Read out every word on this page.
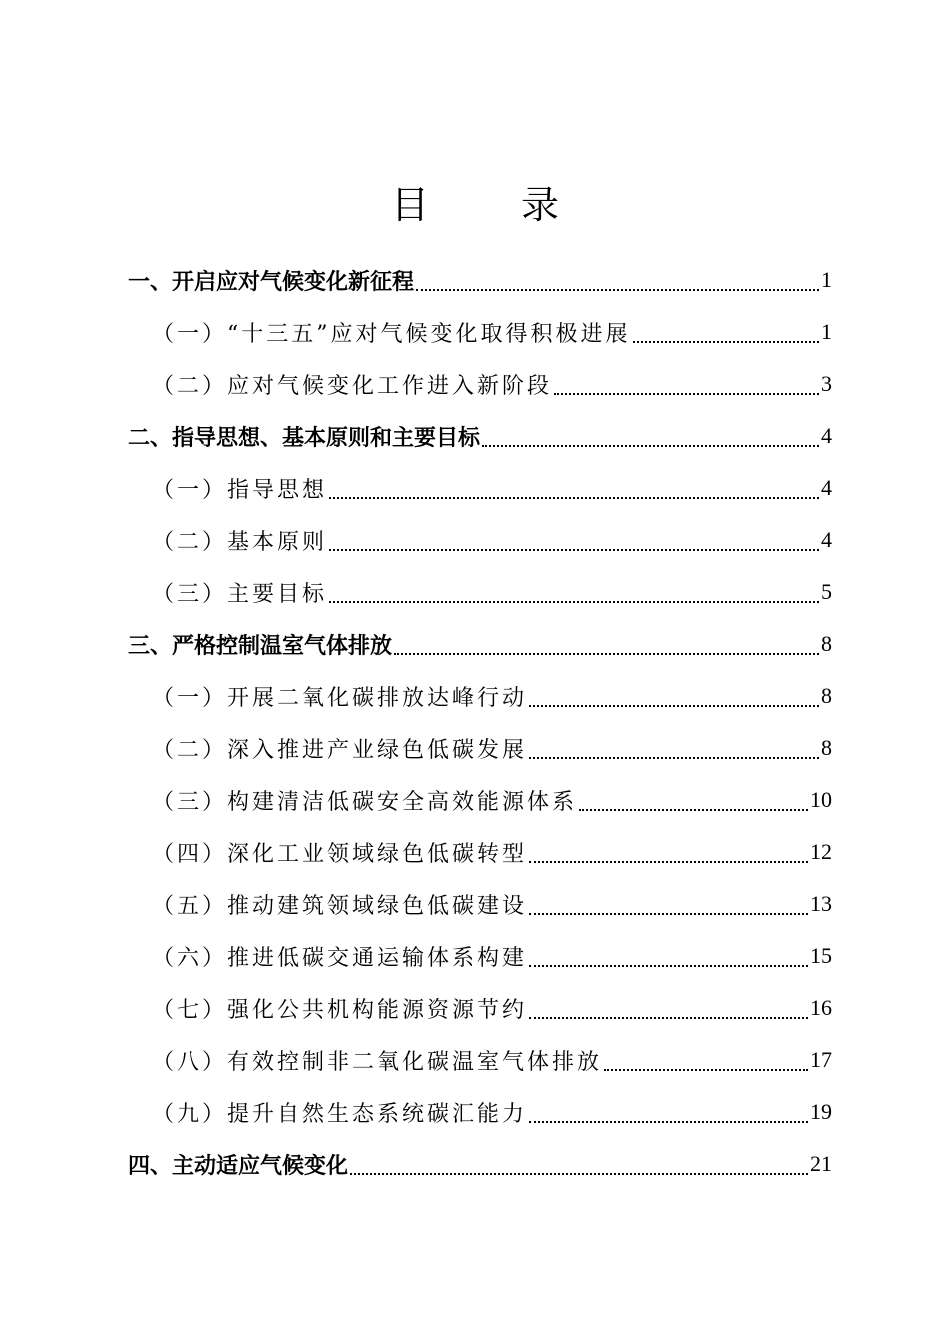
目 录
一、开启应对气候变化新征程	1
（一）“十三五”应对气候变化取得积极进展	1
（二）应对气候变化工作进入新阶段	3
二、指导思想、基本原则和主要目标	4
（一）指导思想	4
（二）基本原则	4
（三）主要目标	5
三、严格控制温室气体排放	8
（一）开展二氧化碳排放达峰行动	8
（二）深入推进产业绿色低碳发展	8
（三）构建清洁低碳安全高效能源体系	10
（四）深化工业领域绿色低碳转型	12
（五）推动建筑领域绿色低碳建设	13
（六）推进低碳交通运输体系构建	15
（七）强化公共机构能源资源节约	16
（八）有效控制非二氧化碳温室气体排放	17
（九）提升自然生态系统碳汇能力	19
四、主动适应气候变化	21
